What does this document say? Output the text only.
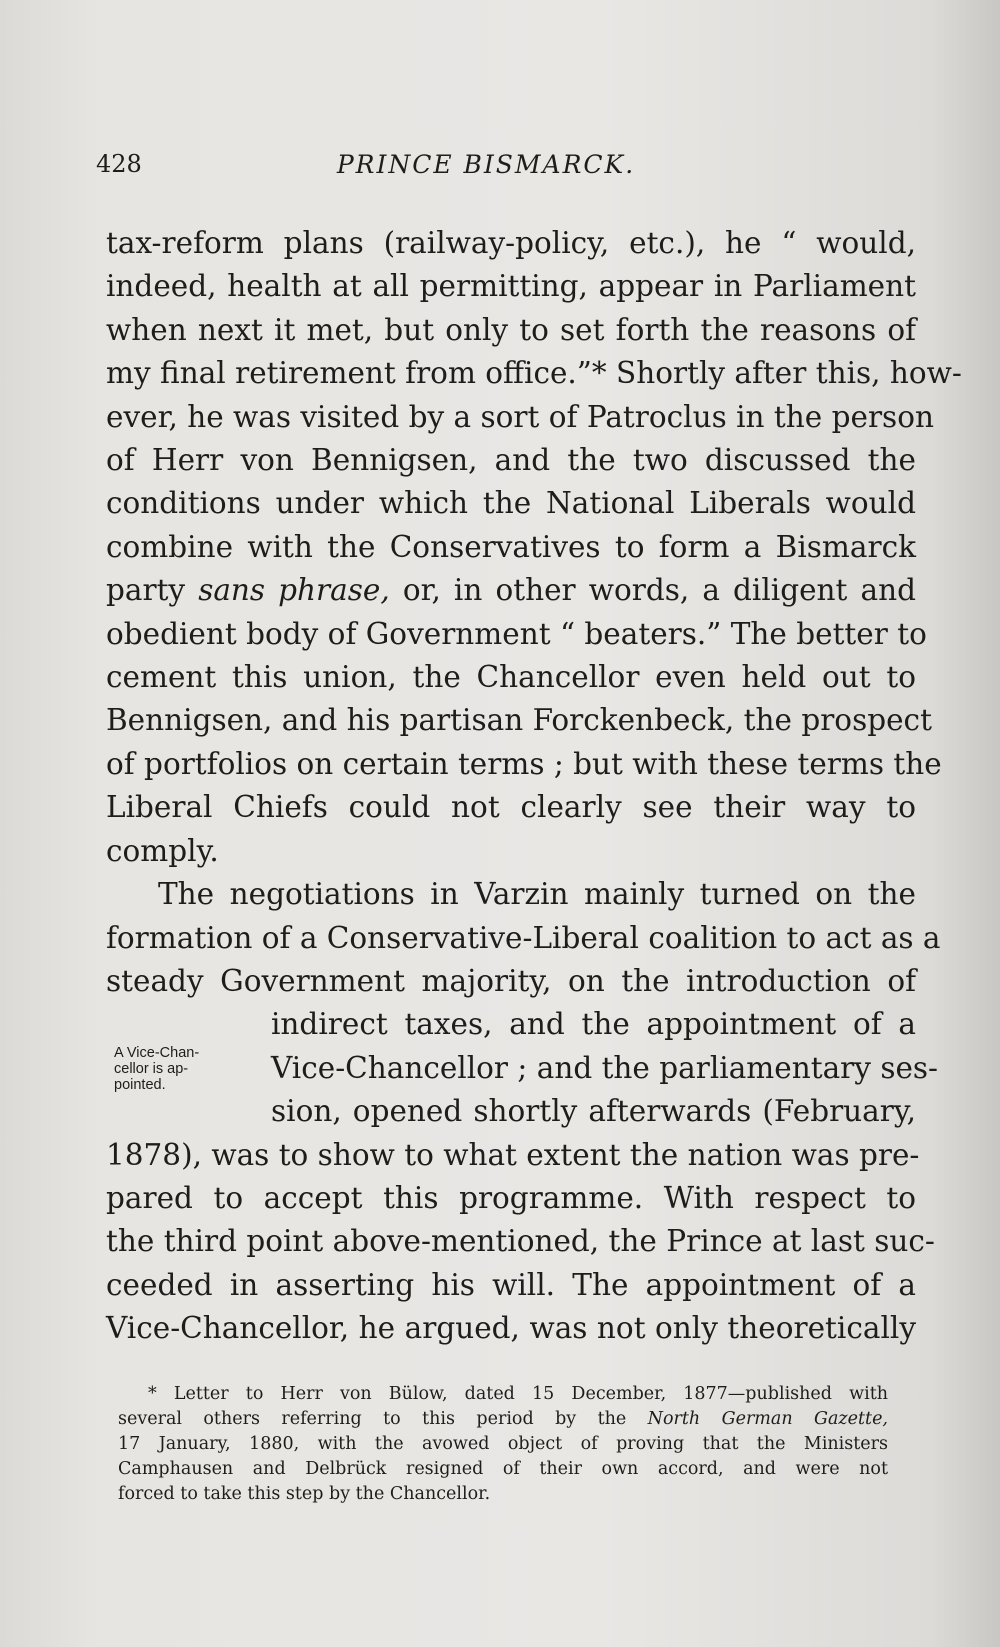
428	PRINCE BISMARCK.
tax-reform plans (railway-policy, etc.), he “ would,
indeed, health at all permitting, appear in Parliament
when next it met, but only to set forth the reasons of
my final retirement from office.”* Shortly after this, how-
ever, he was visited by a sort of Patroclus in the person
of Herr von Bennigsen, and the two discussed the
conditions under which the National Liberals would
combine with the Conservatives to form a Bismarck
party sans phrase, or, in other words, a diligent and
obedient body of Government “ beaters.” The better to
cement this union, the Chancellor even held out to
Bennigsen, and his partisan Forckenbeck, the prospect
of portfolios on certain terms ; but with these terms the
Liberal Chiefs could not clearly see their way to
comply.
The negotiations in Varzin mainly turned on the
formation of a Conservative-Liberal coalition to act as a
steady Government majority, on the introduction of
indirect taxes, and the appointment of a
Vice-Chancellor ; and the parliamentary ses-
sion, opened shortly afterwards (February,
1878), was to show to what extent the nation was pre-
pared to accept this programme. With respect to
the third point above-mentioned, the Prince at last suc-
ceeded in asserting his will. The appointment of a
Vice-Chancellor, he argued, was not only theoretically
A Vice-Chan-
cellor is ap-
pointed.
* Letter to Herr von Bülow, dated 15 December, 1877—published with
several others referring to this period by the North German Gazette,
17 January, 1880, with the avowed object of proving that the Ministers
Camphausen and Delbrück resigned of their own accord, and were not
forced to take this step by the Chancellor.
